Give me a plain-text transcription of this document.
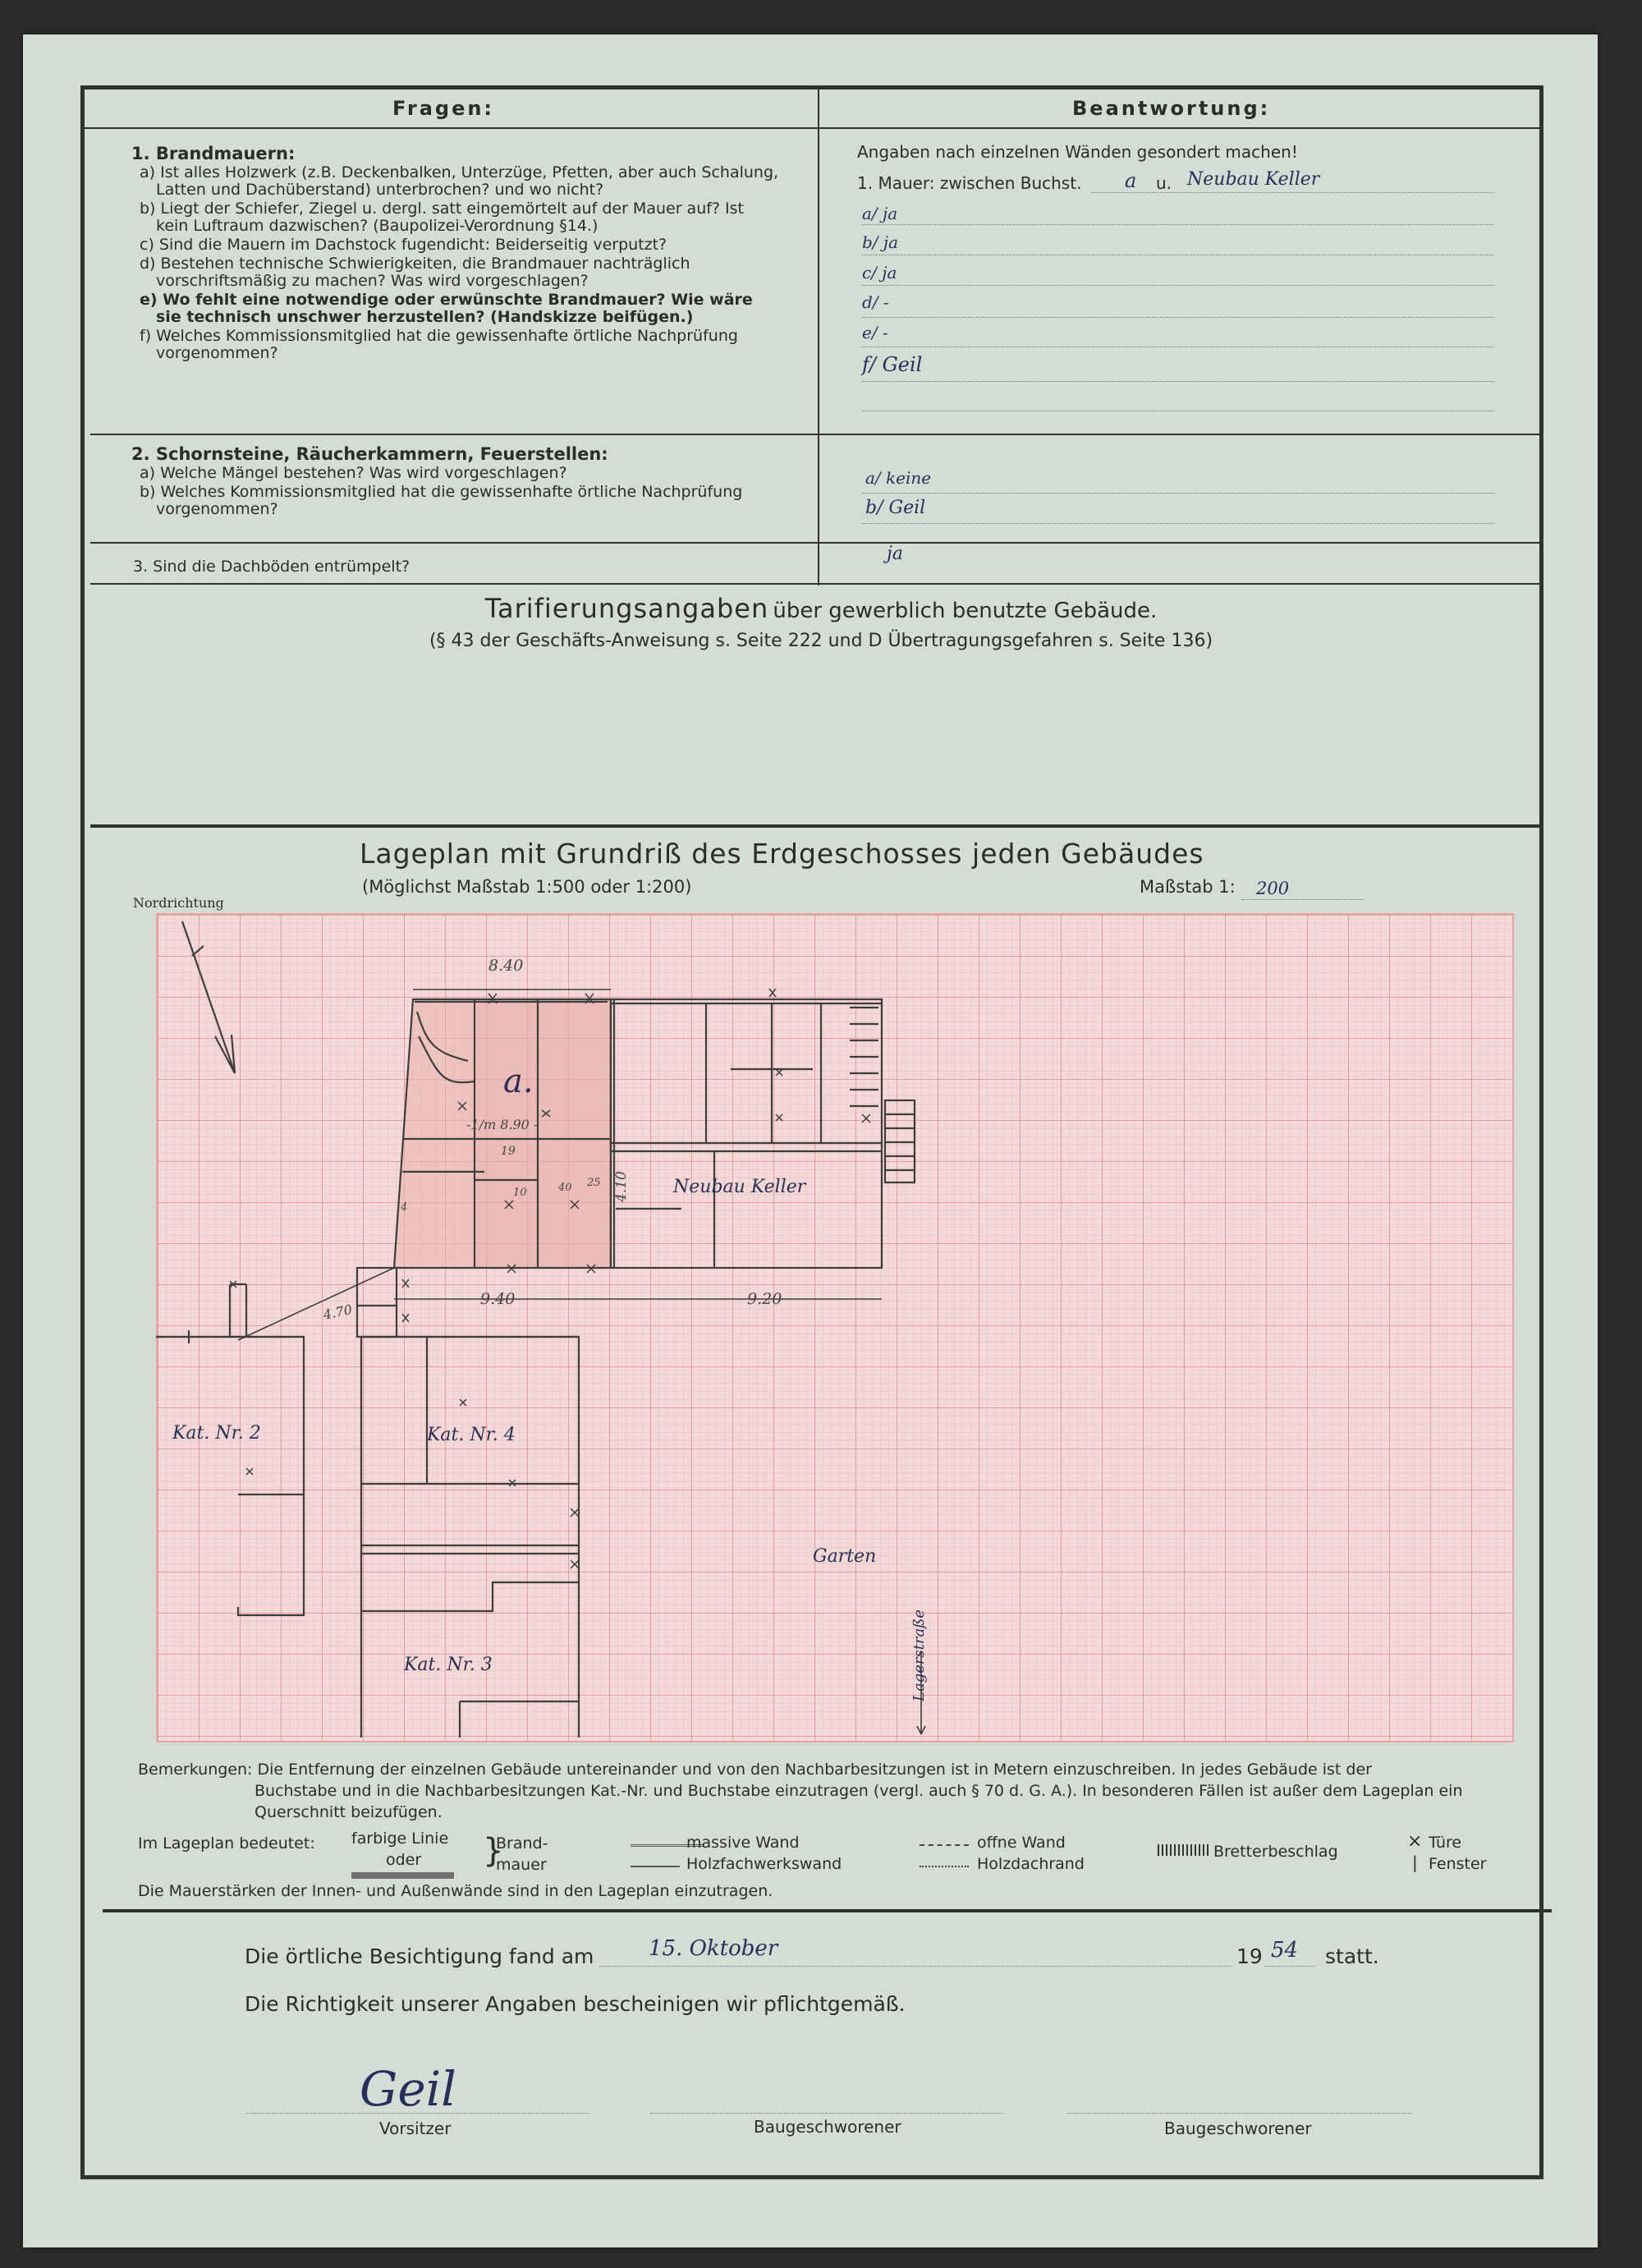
Fragen:	Beantwortung:
1. Brandmauern:
a) Ist alles Holzwerk (z.B. Deckenbalken, Unterzüge, Pfetten, aber auch Schalung, Latten und Dachüberstand) unterbrochen? und wo nicht?
b) Liegt der Schiefer, Ziegel u. dergl. satt eingemörtelt auf der Mauer auf? Ist kein Luftraum dazwischen? (Baupolizei-Verordnung §14.)
c) Sind die Mauern im Dachstock fugendicht: Beiderseitig verputzt?
d) Bestehen technische Schwierigkeiten, die Brandmauer nachträglich vorschriftsmäßig zu machen? Was wird vorgeschlagen?
e) Wo fehlt eine notwendige oder erwünschte Brandmauer? Wie wäre sie technisch unschwer herzustellen? (Handskizze beifügen.)
f) Welches Kommissionsmitglied hat die gewissenhafte örtliche Nachprüfung vorgenommen?
Angaben nach einzelnen Wänden gesondert machen!
1. Mauer: zwischen Buchst. a u. Neubau Keller
a/ ja
b/ ja
c/ ja
d/ -
e/ -
f/ Geil
2. Schornsteine, Räucherkammern, Feuerstellen:
a) Welche Mängel bestehen? Was wird vorgeschlagen?
b) Welches Kommissionsmitglied hat die gewissenhafte örtliche Nachprüfung vorgenommen?
a/ keine
b/ Geil
3. Sind die Dachböden entrümpelt?
ja
Tarifierungsangaben über gewerblich benutzte Gebäude.
(§ 43 der Geschäfts-Anweisung s. Seite 222 und D Übertragungsgefahren s. Seite 136)
Lageplan mit Grundriß des Erdgeschosses jeden Gebäudes
(Möglichst Maßstab 1:500 oder 1:200)	Maßstab 1: 200
Nordrichtung
a.
Neubau Keller
Kat. Nr. 2	Kat. Nr. 4
Kat. Nr. 3
Garten
Lagerstraße
8.40
9.40	9.20
4.70
4.10
-1/m 8.90 -
19
40 25
10
4
Bemerkungen: Die Entfernung der einzelnen Gebäude untereinander und von den Nachbarbesitzungen ist in Metern einzuschreiben. In jedes Gebäude ist der
Buchstabe und in die Nachbarbesitzungen Kat.-Nr. und Buchstabe einzutragen (vergl. auch § 70 d. G. A.). In besonderen Fällen ist außer dem Lageplan ein
Querschnitt beizufügen.
Im Lageplan bedeutet: farbige Linie
oder
Brand-
mauer
}	massive Wand
Holzfachwerkswand
offne Wand
Holzdachrand
Bretterbeschlag	× Türe
| Fenster
Die Mauerstärken der Innen- und Außenwände sind in den Lageplan einzutragen.
Die örtliche Besichtigung fand am	15. Oktober	19 54 statt.
Die Richtigkeit unserer Angaben bescheinigen wir pflichtgemäß.
Geil
Vorsitzer	Baugeschworener	Baugeschworener
